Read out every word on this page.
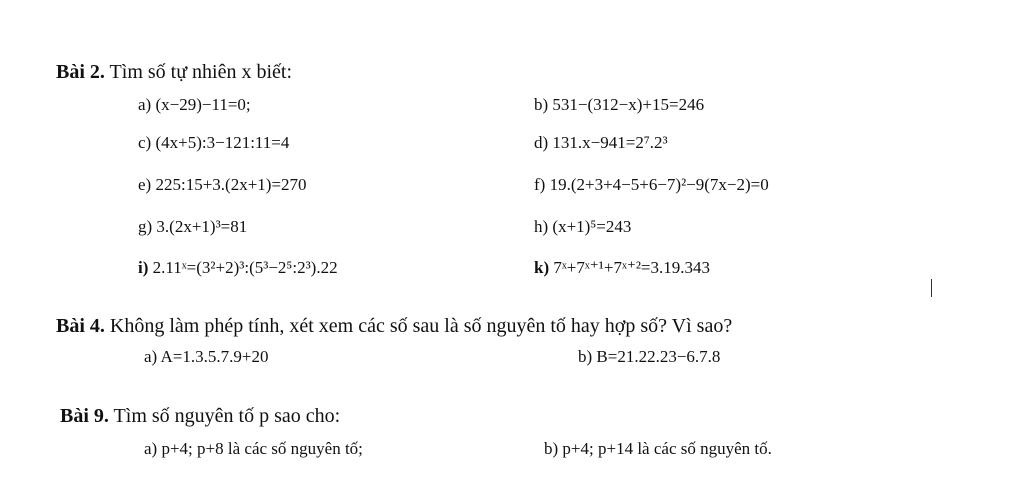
Bài 2. Tìm số tự nhiên x biết:
a) (x−29)−11=0;	b) 531−(312−x)+15=246
c) (4x+5):3−121:11=4	d) 131.x−941=2⁷.2³
e) 225:15+3.(2x+1)=270	f) 19.(2+3+4−5+6−7)²−9(7x−2)=0
g) 3.(2x+1)³=81	h) (x+1)⁵=243
i) 2.11ˣ=(3²+2)³:(5³−2⁵:2³).22	k) 7ˣ+7ˣ⁺¹+7ˣ⁺²=3.19.343
Bài 4. Không làm phép tính, xét xem các số sau là số nguyên tố hay hợp số? Vì sao?
a) A=1.3.5.7.9+20	b) B=21.22.23−6.7.8
Bài 9. Tìm số nguyên tố p sao cho:
a) p+4; p+8 là các số nguyên tố;	b) p+4; p+14 là các số nguyên tố.
